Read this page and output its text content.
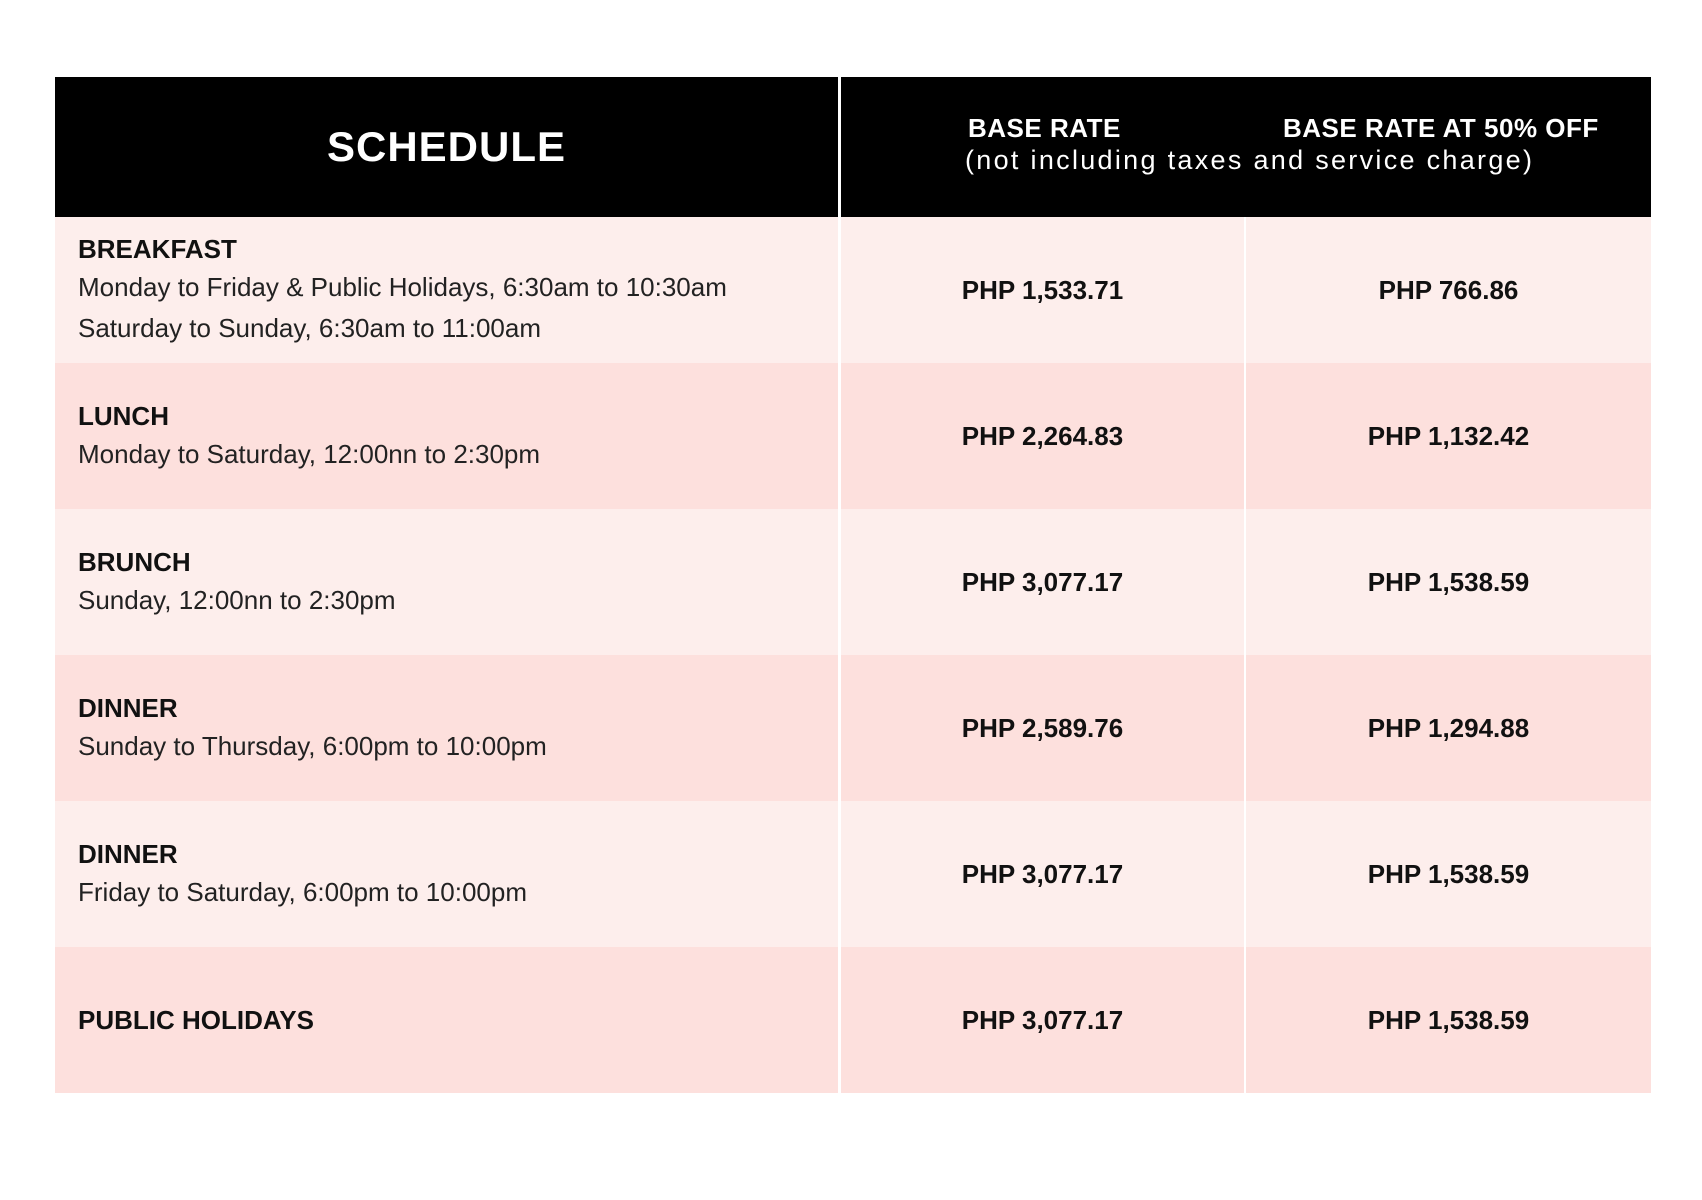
SCHEDULE	BASE RATE	BASE RATE AT 50% OFF
(not including taxes and service charge)
BREAKFAST
Monday to Friday & Public Holidays, 6:30am to 10:30am
Saturday to Sunday, 6:30am to 11:00am
PHP 1,533.71	PHP 766.86
LUNCH
Monday to Saturday, 12:00nn to 2:30pm
PHP 2,264.83	PHP 1,132.42
BRUNCH
Sunday, 12:00nn to 2:30pm
PHP 3,077.17	PHP 1,538.59
DINNER
Sunday to Thursday, 6:00pm to 10:00pm
PHP 2,589.76	PHP 1,294.88
DINNER
Friday to Saturday, 6:00pm to 10:00pm
PHP 3,077.17	PHP 1,538.59
PUBLIC HOLIDAYS	PHP 3,077.17	PHP 1,538.59
